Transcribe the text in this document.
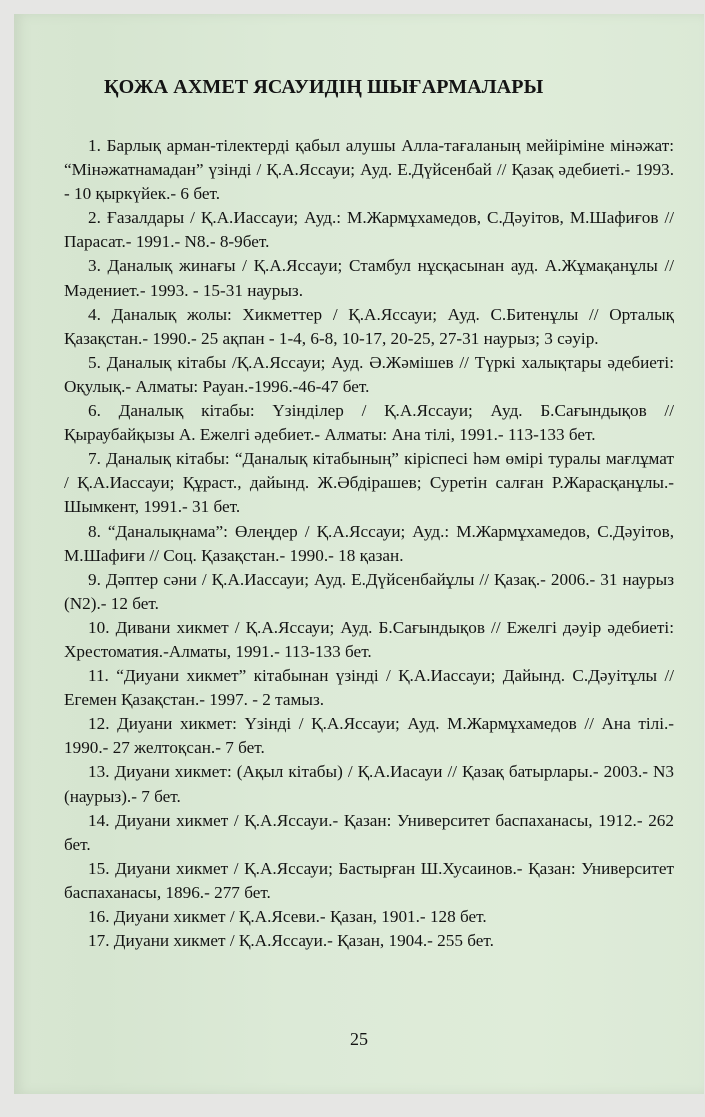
ҚОЖА АХМЕТ ЯСАУИДІҢ ШЫҒАРМАЛАРЫ

1. Барлық арман-тілектерді қабыл алушы Алла-тағаланың мейіріміне мінәжат: “Мінәжатнамадан” үзінді / Қ.А.Яссауи; Ауд. Е.Дүйсенбай // Қазақ әдебиеті.- 1993. - 10 қыркүйек.- 6 бет.

2. Ғазалдары / Қ.А.Иассауи; Ауд.: М.Жармұхамедов, С.Дәуітов, М.Шафиғов // Парасат.- 1991.- N8.- 8-9бет.

3. Даналық жинағы / Қ.А.Яссауи; Стамбул нұсқасынан ауд. А.Жұмақанұлы // Мәдениет.- 1993. - 15-31 наурыз.

4. Даналық жолы: Хикметтер / Қ.А.Яссауи; Ауд. С.Битенұлы // Орталық Қазақстан.- 1990.- 25 ақпан - 1-4, 6-8, 10-17, 20-25, 27-31 наурыз; 3 сәуір.

5. Даналық кітабы /Қ.А.Яссауи; Ауд. Ә.Жәмішев // Түркі халықтары әдебиеті: Оқулық.- Алматы: Рауан.-1996.-46-47 бет.

6. Даналық кітабы: Үзінділер / Қ.А.Яссауи; Ауд. Б.Сағындықов // Қыраубайқызы А. Ежелгі әдебиет.- Алматы: Ана тілі, 1991.- 113-133 бет.

7. Даналық кітабы: “Даналық кітабының” кіріспесі һәм өмірі туралы мағлұмат / Қ.А.Иассауи; Құраст., дайынд. Ж.Әбдірашев; Суретін салған Р.Жарасқанұлы.- Шымкент, 1991.- 31 бет.

8. “Даналықнама”: Өлеңдер / Қ.А.Яссауи; Ауд.: М.Жармұхамедов, С.Дәуітов, М.Шафиғи // Соц. Қазақстан.- 1990.- 18 қазан.

9. Дәптер сәни / Қ.А.Иассауи; Ауд. Е.Дүйсенбайұлы // Қазақ.- 2006.- 31 наурыз (N2).- 12 бет.

10. Дивани хикмет / Қ.А.Яссауи; Ауд. Б.Сағындықов // Ежелгі дәуір әдебиеті: Хрестоматия.-Алматы, 1991.- 113-133 бет.

11. “Диуани хикмет” кітабынан үзінді / Қ.А.Иассауи; Дайынд. С.Дәуітұлы // Егемен Қазақстан.- 1997. - 2 тамыз.

12. Диуани хикмет: Үзінді / Қ.А.Яссауи; Ауд. М.Жармұхамедов // Ана тілі.- 1990.- 27 желтоқсан.- 7 бет.

13. Диуани хикмет: (Ақыл кітабы) / Қ.А.Иасауи // Қазақ батырлары.- 2003.- N3 (наурыз).- 7 бет.

14. Диуани хикмет / Қ.А.Яссауи.- Қазан: Университет баспаханасы, 1912.- 262 бет.

15. Диуани хикмет / Қ.А.Яссауи; Бастырған Ш.Хусаинов.- Қазан: Университет баспаханасы, 1896.- 277 бет.

16. Диуани хикмет / Қ.А.Ясеви.- Қазан, 1901.- 128 бет.

17. Диуани хикмет / Қ.А.Яссауи.- Қазан, 1904.- 255 бет.

25
